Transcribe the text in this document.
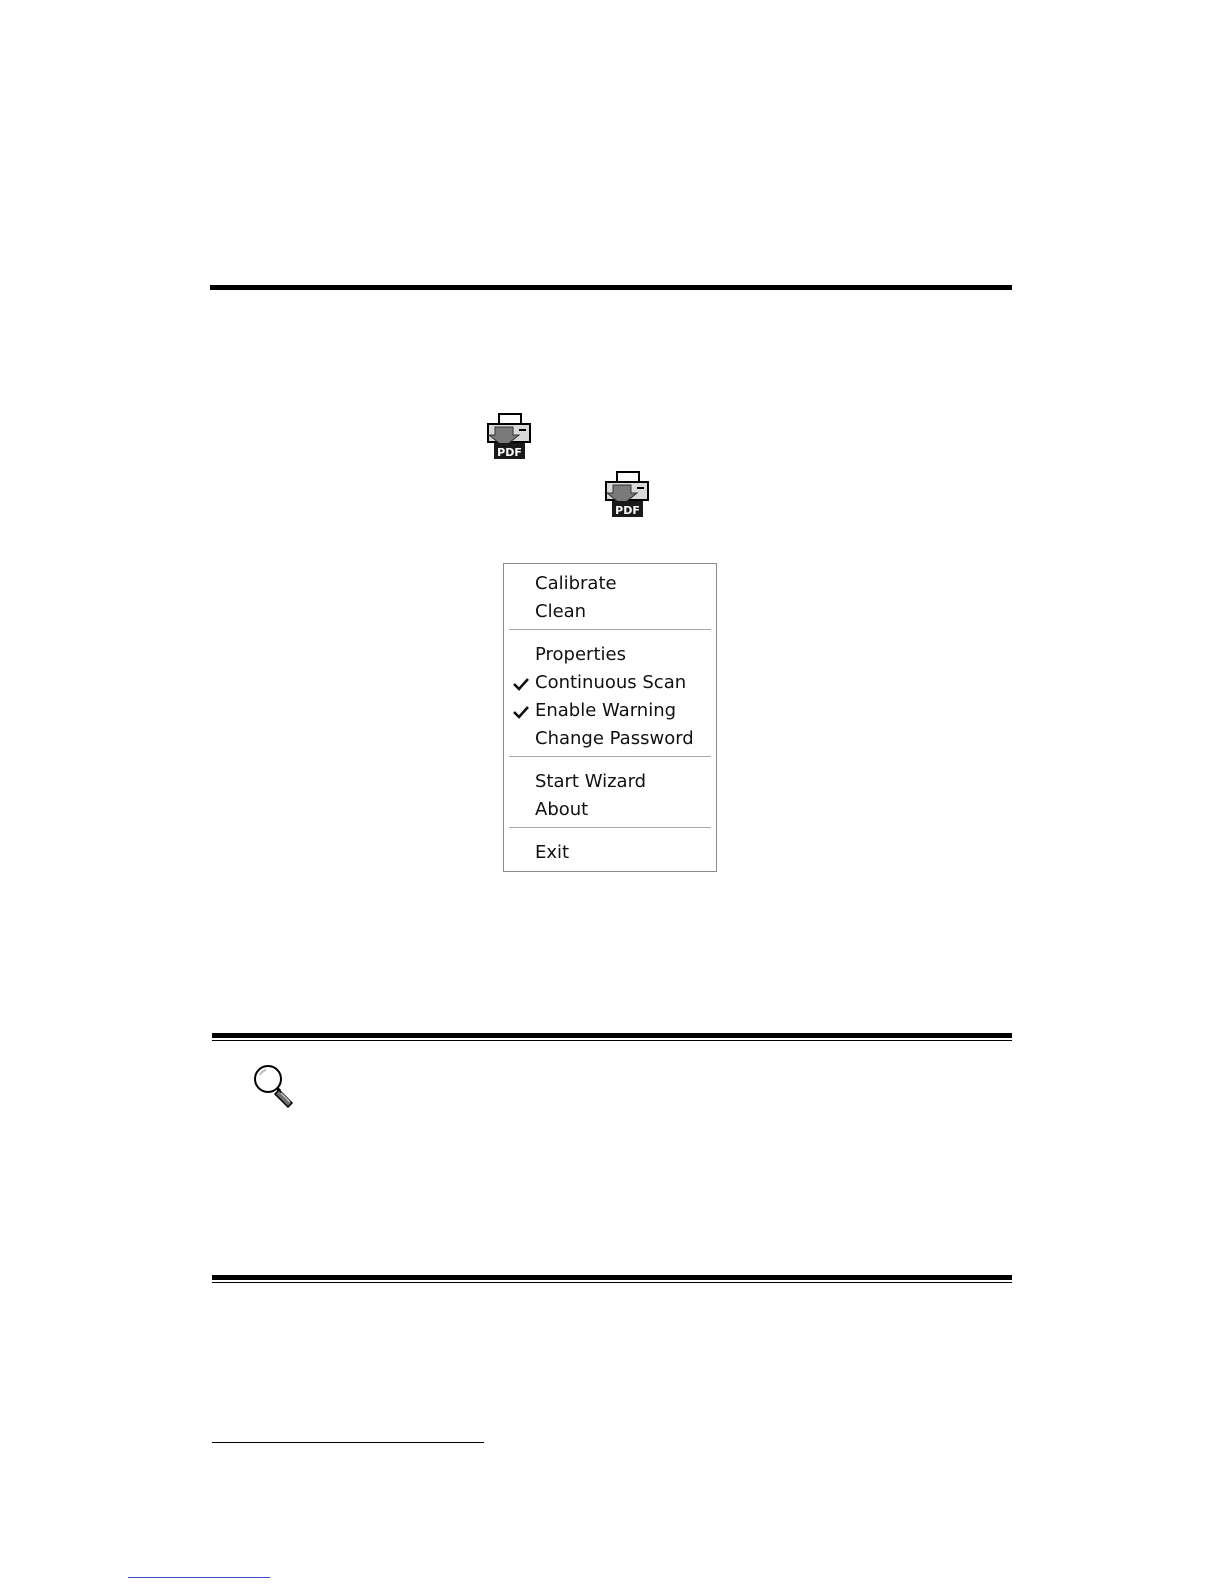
PDF
PDF
Calibrate
Clean
Properties
Continuous Scan
Enable Warning
Change Password
Start Wizard
About
Exit
